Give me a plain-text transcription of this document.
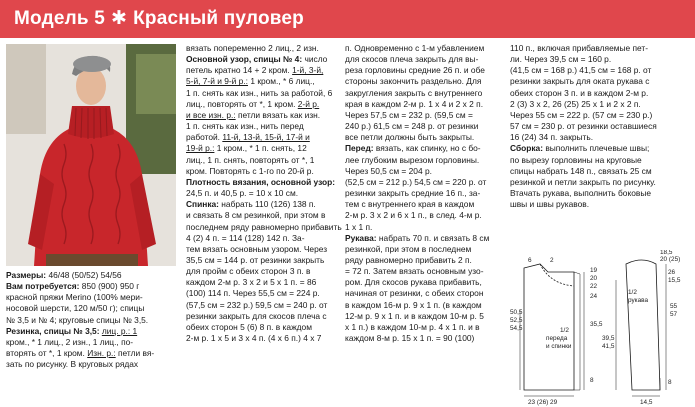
Модель 5 ✱ Красный пуловер
Размеры: 46/48 (50/52) 54/56
Вам потребуется: 850 (900) 950 г
красной пряжи Merino (100% мери-
носовой шерсти, 120 м/50 г); спицы
№ 3,5 и № 4; круговые спицы № 3,5.
Резинка, спицы № 3,5: лиц. р.: 1
кром., * 1 лиц., 2 изн., 1 лиц., по-
вторять от *, 1 кром. Изн. р.: петли вя-
зать по рисунку. В круговых рядах
вязать попеременно 2 лиц., 2 изн.
Основной узор, спицы № 4: число
петель кратно 14 + 2 кром. 1-й, 3-й,
5-й, 7-й и 9-й р.: 1 кром., * 6 лиц.,
1 п. снять как изн., нить за работой, 6
лиц., повторять от *, 1 кром. 2-й р.
и все изн. р.: петли вязать как изн.
1 п. снять как изн., нить перед
работой. 11-й, 13-й, 15-й, 17-й и
19-й р.: 1 кром., * 1 п. снять, 12
лиц., 1 п. снять, повторять от *, 1
кром. Повторять с 1-го по 20-й р.
Плотность вязания, основной узор:
24,5 п. и 40,5 р. = 10 х 10 см.
Спинка: набрать 110 (126) 138 п.
и связать 8 см резинкой, при этом в
последнем ряду равномерно прибавить
4 (2) 4 п. = 114 (128) 142 п. За-
тем вязать основным узором. Через
35,5 см = 144 р. от резинки закрыть
для пройм с обеих сторон 3 п. в
каждом 2-м р. 3 х 2 и 5 х 1 п. = 86
(100) 114 п. Через 55,5 см = 224 р.
(57,5 см = 232 р.) 59,5 см = 240 р. от
резинки закрыть для скосов плеча с
обеих сторон 5 (6) 8 п. в каждом
2-м р. 1 х 5 и 3 х 4 п. (4 х 6 п.) 4 х 7
п. Одновременно с 1-м убавлением
для скосов плеча закрыть для вы-
реза горловины средние 26 п. и обе
стороны закончить раздельно. Для
закругления закрыть с внутреннего
края в каждом 2-м р. 1 х 4 и 2 х 2 п.
Через 57,5 см = 232 р. (59,5 см =
240 р.) 61,5 см = 248 р. от резинки
все петли должны быть закрыты.
Перед: вязать, как спинку, но с бо-
лее глубоким вырезом горловины.
Через 50,5 см = 204 р.
(52,5 см = 212 р.) 54,5 см = 220 р. от
резинки закрыть средние 16 п., за-
тем с внутреннего края в каждом
2-м р. 3 х 2 и 6 х 1 п., в след. 4-м р.
1 х 1 п.
Рукава: набрать 70 п. и связать 8 см
резинкой, при этом в последнем
ряду равномерно прибавить 2 п.
= 72 п. Затем вязать основным узо-
ром. Для скосов рукава прибавить,
начиная от резинки, с обеих сторон
в каждом 16-м р. 9 х 1 п. (в каждом
12-м р. 9 х 1 п. и в каждом 10-м р. 5
х 1 п.) в каждом 10-м р. 4 х 1 п. и в
каждом 8-м р. 15 х 1 п. = 90 (100)
110 п., включая прибавляемые пет-
ли. Через 39,5 см = 160 р.
(41,5 см = 168 р.) 41,5 см = 168 р. от
резинки закрыть для оката рукава с
обеих сторон 3 п. и в каждом 2-м р.
2 (3) 3 х 2, 26 (25) 25 х 1 и 2 х 2 п.
Через 55 см = 222 р. (57 см = 230 р.)
57 см = 230 р. от резинки оставшиеся
16 (24) 34 п. закрыть.
Сборка: выполнить плечевые швы;
по вырезу горловины на круговые
спицы набрать 148 п., связать 25 см
резинкой и петли закрыть по рисунку.
Втачать рукава, выполнить боковые
швы и швы рукавов.
1/2
переда
и спинки
6	2
19
20
22
24
50,5
52,5
54,5
35,5
8
23 (26) 29
1/2
рукава
18,5
20 (25)
26
15,5
55
57
8
14,5
39,5
41,5
